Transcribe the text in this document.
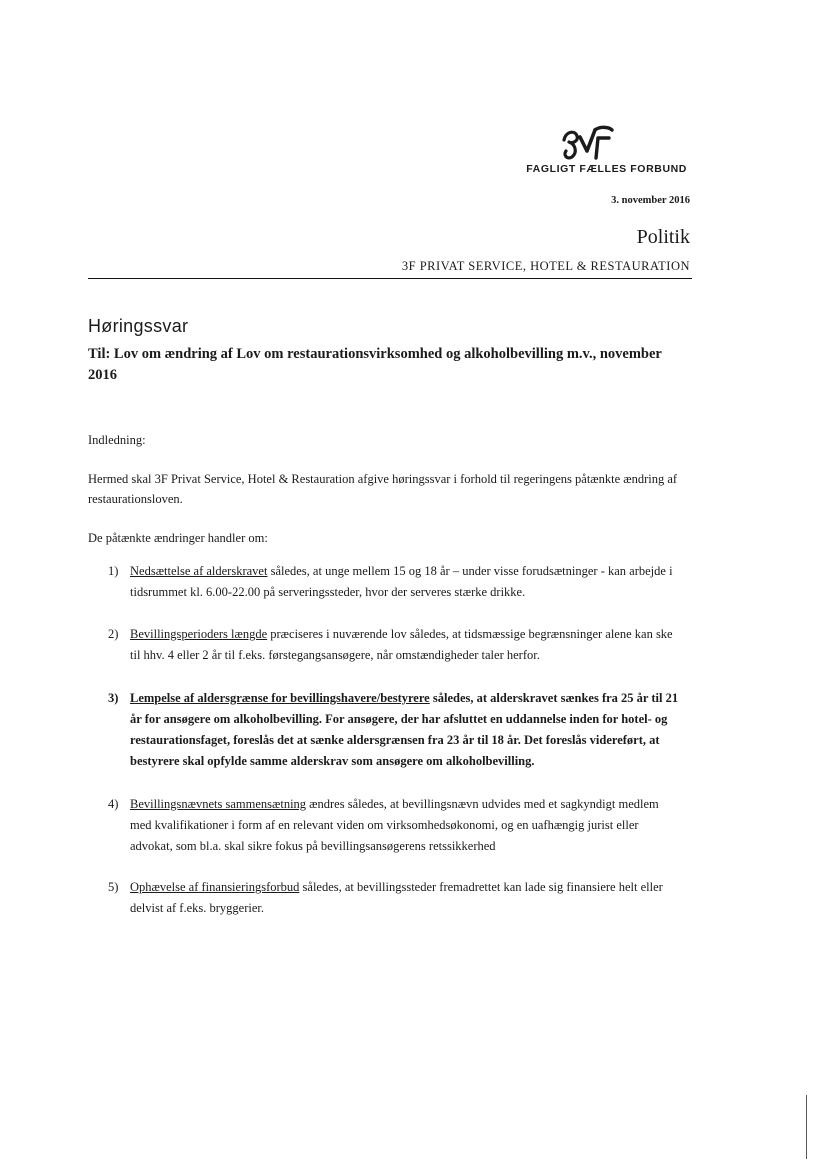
FAGLIGT FÆLLES FORBUND
3. november 2016
Politik
3F PRIVAT SERVICE, HOTEL & RESTAURATION
Høringssvar
Til: Lov om ændring af Lov om restaurationsvirksomhed og alkoholbevilling m.v., november 2016
Indledning:
Hermed skal 3F Privat Service, Hotel & Restauration afgive høringssvar i forhold til regeringens påtænkte ændring af restaurationsloven.
De påtænkte ændringer handler om:
1) Nedsættelse af alderskravet således, at unge mellem 15 og 18 år – under visse forudsætninger - kan arbejde i tidsrummet kl. 6.00-22.00 på serveringssteder, hvor der serveres stærke drikke.
2) Bevillingsperioders længde præciseres i nuværende lov således, at tidsmæssige begrænsninger alene kan ske til hhv. 4 eller 2 år til f.eks. førstegangsansøgere, når omstændigheder taler herfor.
3) Lempelse af aldersgrænse for bevillingshavere/bestyrere således, at alderskravet sænkes fra 25 år til 21 år for ansøgere om alkoholbevilling. For ansøgere, der har afsluttet en uddannelse inden for hotel- og restaurationsfaget, foreslås det at sænke aldersgrænsen fra 23 år til 18 år. Det foreslås videreført, at bestyrere skal opfylde samme alderskrav som ansøgere om alkoholbevilling.
4) Bevillingsnævnets sammensætning ændres således, at bevillingsnævn udvides med et sagkyndigt medlem med kvalifikationer i form af en relevant viden om virksomhedsøkonomi, og en uafhængig jurist eller advokat, som bl.a. skal sikre fokus på bevillingsansøgerens retssikkerhed
5) Ophævelse af finansieringsforbud således, at bevillingssteder fremadrettet kan lade sig finansiere helt eller delvist af f.eks. bryggerier.
